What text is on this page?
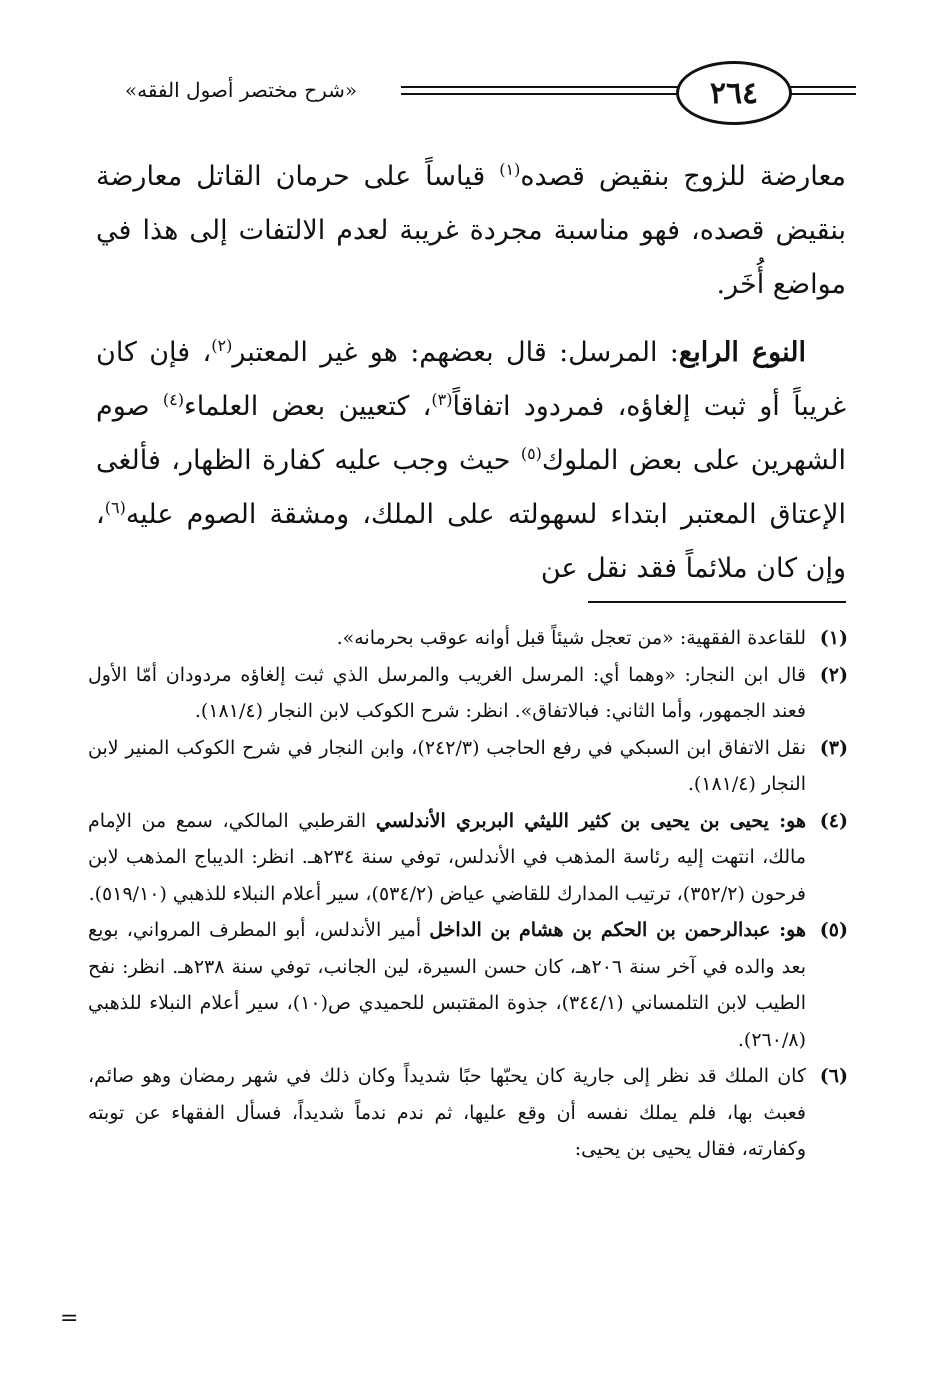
٢٦٤
«شرح مختصر أصول الفقه»

معارضة للزوج بنقيض قصده$^{(١)}$ قياساً على حرمان القاتل معارضة بنقيض قصده، فهو مناسبة مجردة غريبة لعدم الالتفات إلى هذا في مواضع أُخَر.

النوع الرابع: المرسل: قال بعضهم: هو غير المعتبر$^{(٢)}$، فإن كان غريباً أو ثبت إلغاؤه، فمردود اتفاقاً$^{(٣)}$، كتعيين بعض العلماء$^{(٤)}$ صوم الشهرين على بعض الملوك$^{(٥)}$ حيث وجب عليه كفارة الظهار، فألغى الإعتاق المعتبر ابتداء لسهولته على الملك، ومشقة الصوم عليه$^{(٦)}$، وإن كان ملائماً فقد نقل عن

(١)
للقاعدة الفقهية: «من تعجل شيئاً قبل أوانه عوقب بحرمانه».
(٢)
قال ابن النجار: «وهما أي: المرسل الغريب والمرسل الذي ثبت إلغاؤه مردودان أمّا الأول فعند الجمهور، وأما الثاني: فبالاتفاق». انظر: شرح الكوكب لابن النجار (١٨١/٤).
(٣)
نقل الاتفاق ابن السبكي في رفع الحاجب (٢٤٢/٣)، وابن النجار في شرح الكوكب المنير لابن النجار (١٨١/٤).
(٤)
هو: يحيى بن يحيى بن كثير الليثي البربري الأندلسي القرطبي المالكي، سمع من الإمام مالك، انتهت إليه رئاسة المذهب في الأندلس، توفي سنة ٢٣٤هـ. انظر: الديباج المذهب لابن فرحون (٣٥٢/٢)، ترتيب المدارك للقاضي عياض (٥٣٤/٢)، سير أعلام النبلاء للذهبي (٥١٩/١٠).
(٥)
هو: عبدالرحمن بن الحكم بن هشام بن الداخل أمير الأندلس، أبو المطرف المرواني، بويع بعد والده في آخر سنة ٢٠٦هـ، كان حسن السيرة، لين الجانب، توفي سنة ٢٣٨هـ. انظر: نفح الطيب لابن التلمساني (٣٤٤/١)، جذوة المقتبس للحميدي ص(١٠)، سير أعلام النبلاء للذهبي (٢٦٠/٨).
(٦)
كان الملك قد نظر إلى جارية كان يحبّها حبًا شديداً وكان ذلك في شهر رمضان وهو صائم، فعبث بها، فلم يملك نفسه أن وقع عليها، ثم ندم ندماً شديداً، فسأل الفقهاء عن توبته وكفارته، فقال يحيى بن يحيى:
=
